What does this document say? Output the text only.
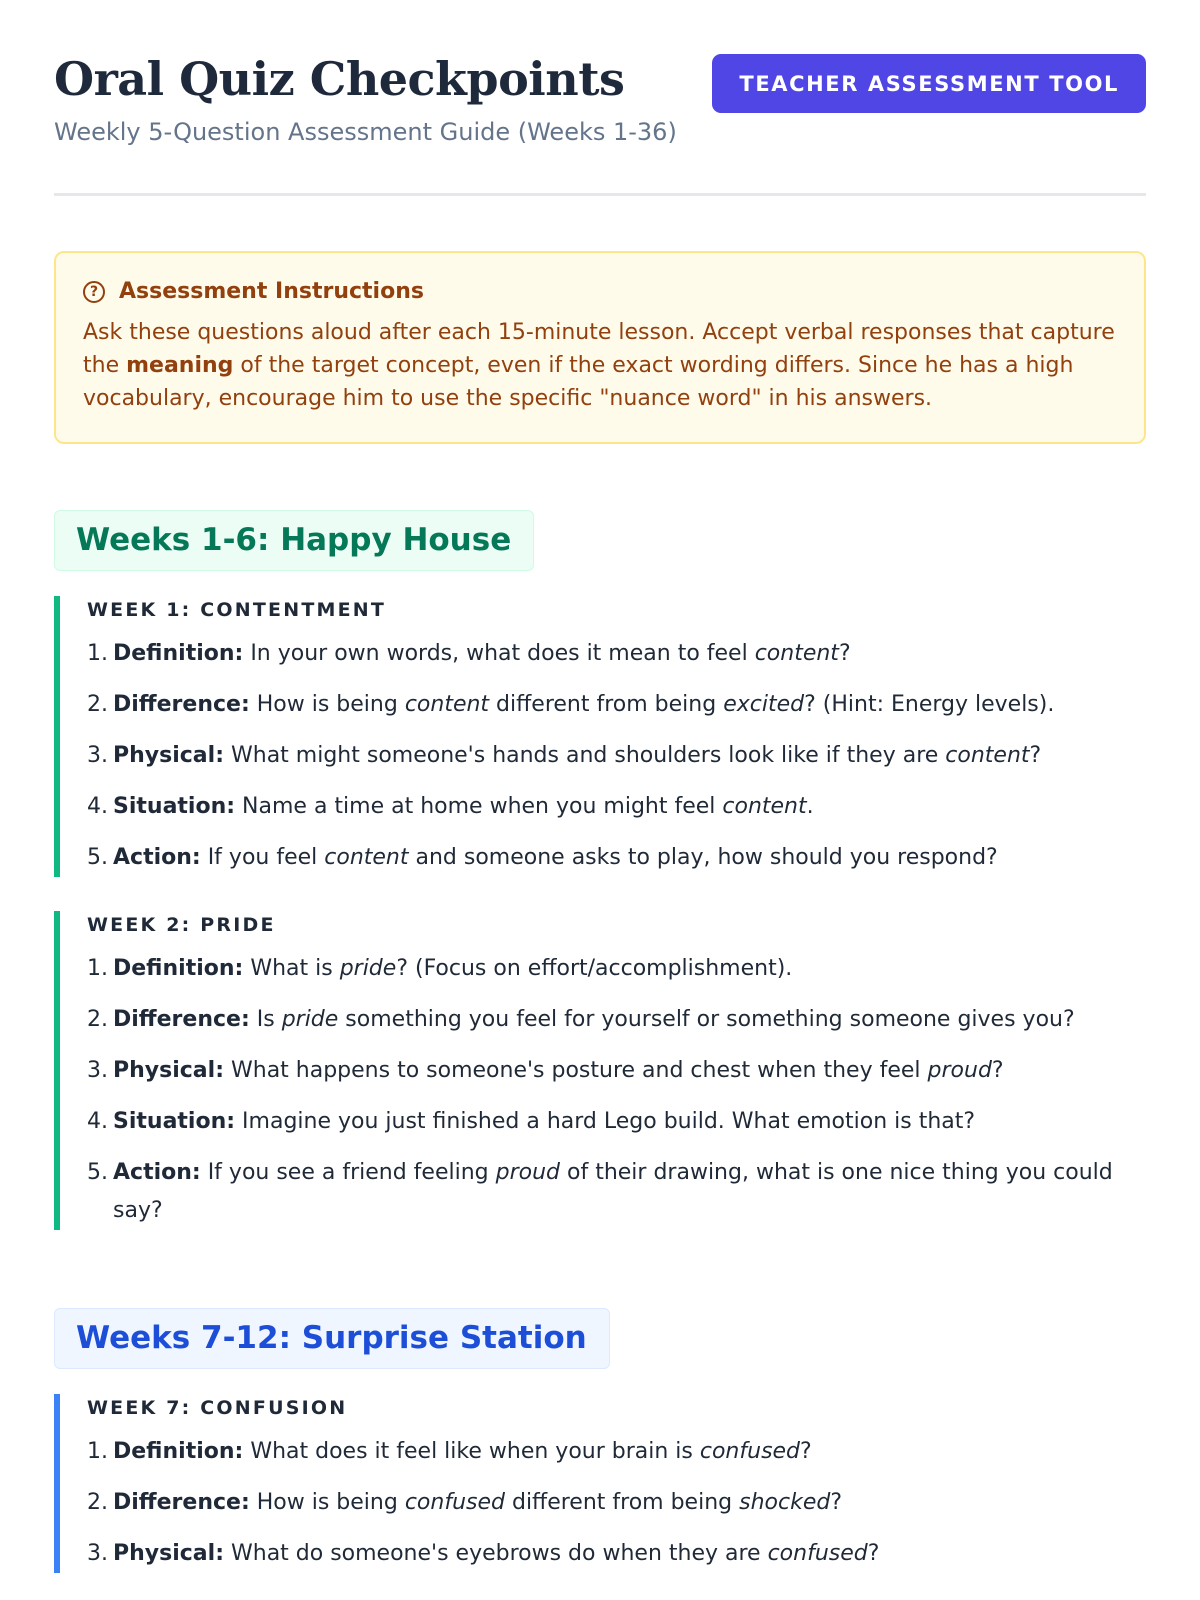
Oral Quiz Checkpoints

Weekly 5-Question Assessment Guide (Weeks 1-36)

TEACHER ASSESSMENT TOOL
? Assessment Instructions
Ask these questions aloud after each 15-minute lesson. Accept verbal responses that capture the meaning of the target concept, even if the exact wording differs. Since he has a high vocabulary, encourage him to use the specific "nuance word" in his answers.
Weeks 1-6: Happy House
WEEK 1: CONTENTMENT
1. Definition: In your own words, what does it mean to feel content?
2. Difference: How is being content different from being excited? (Hint: Energy levels).
3. Physical: What might someone's hands and shoulders look like if they are content?
4. Situation: Name a time at home when you might feel content.
5. Action: If you feel content and someone asks to play, how should you respond?
WEEK 2: PRIDE
1. Definition: What is pride? (Focus on effort/accomplishment).
2. Difference: Is pride something you feel for yourself or something someone gives you?
3. Physical: What happens to someone's posture and chest when they feel proud?
4. Situation: Imagine you just finished a hard Lego build. What emotion is that?
5. Action: If you see a friend feeling proud of their drawing, what is one nice thing you could say?
Weeks 7-12: Surprise Station
WEEK 7: CONFUSION
1. Definition: What does it feel like when your brain is confused?
2. Difference: How is being confused different from being shocked?
3. Physical: What do someone's eyebrows do when they are confused?
